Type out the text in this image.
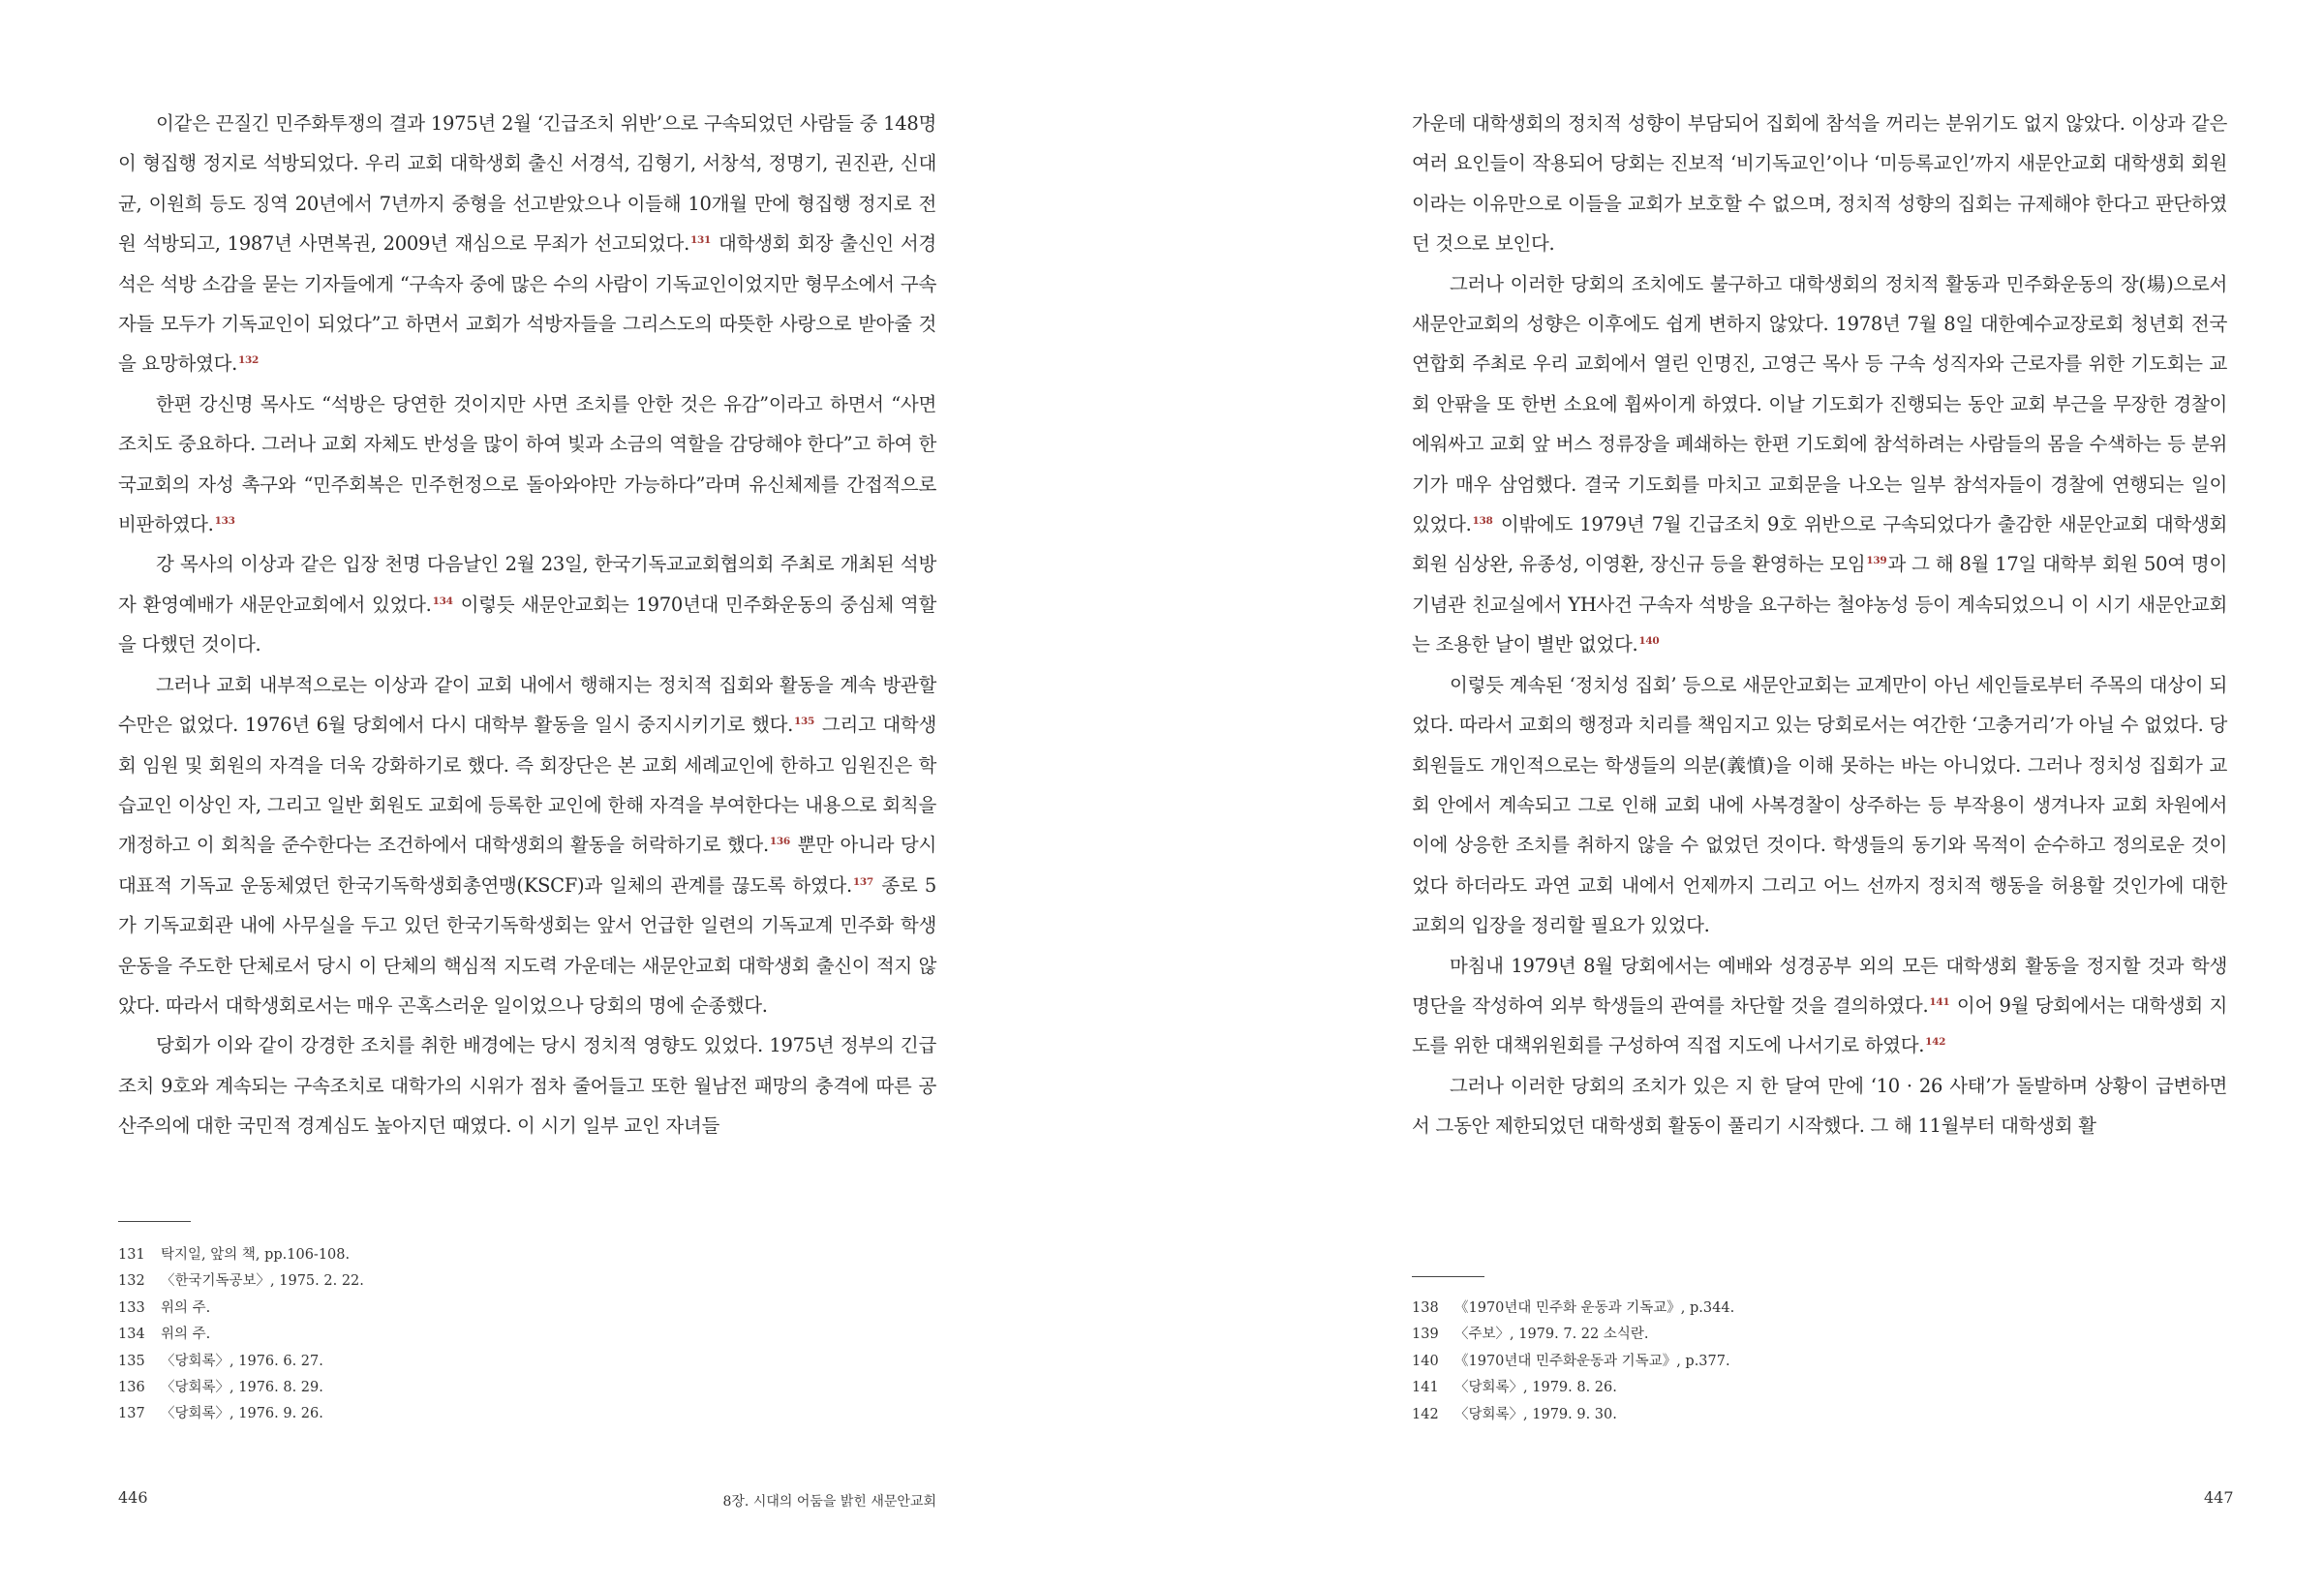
이같은 끈질긴 민주화투쟁의 결과 1975년 2월 ‘긴급조치 위반’으로 구속되었던 사람들 중 148명이 형집행 정지로 석방되었다. 우리 교회 대학생회 출신 서경석, 김형기, 서창석, 정명기, 권진관, 신대균, 이원희 등도 징역 20년에서 7년까지 중형을 선고받았으나 이들해 10개월 만에 형집행 정지로 전원 석방되고, 1987년 사면복권, 2009년 재심으로 무죄가 선고되었다.$^{131}$ 대학생회 회장 출신인 서경석은 석방 소감을 묻는 기자들에게 “구속자 중에 많은 수의 사람이 기독교인이었지만 형무소에서 구속자들 모두가 기독교인이 되었다”고 하면서 교회가 석방자들을 그리스도의 따뜻한 사랑으로 받아줄 것을 요망하였다.$^{132}$

한편 강신명 목사도 “석방은 당연한 것이지만 사면 조치를 안한 것은 유감”이라고 하면서 “사면 조치도 중요하다. 그러나 교회 자체도 반성을 많이 하여 빛과 소금의 역할을 감당해야 한다”고 하여 한국교회의 자성 촉구와 “민주회복은 민주헌정으로 돌아와야만 가능하다”라며 유신체제를 간접적으로 비판하였다.$^{133}$

강 목사의 이상과 같은 입장 천명 다음날인 2월 23일, 한국기독교교회협의회 주최로 개최된 석방자 환영예배가 새문안교회에서 있었다.$^{134}$ 이렇듯 새문안교회는 1970년대 민주화운동의 중심체 역할을 다했던 것이다.

그러나 교회 내부적으로는 이상과 같이 교회 내에서 행해지는 정치적 집회와 활동을 계속 방관할 수만은 없었다. 1976년 6월 당회에서 다시 대학부 활동을 일시 중지시키기로 했다.$^{135}$ 그리고 대학생회 임원 및 회원의 자격을 더욱 강화하기로 했다. 즉 회장단은 본 교회 세례교인에 한하고 임원진은 학습교인 이상인 자, 그리고 일반 회원도 교회에 등록한 교인에 한해 자격을 부여한다는 내용으로 회칙을 개정하고 이 회칙을 준수한다는 조건하에서 대학생회의 활동을 허락하기로 했다.$^{136}$ 뿐만 아니라 당시 대표적 기독교 운동체였던 한국기독학생회총연맹(KSCF)과 일체의 관계를 끊도록 하였다.$^{137}$ 종로 5가 기독교회관 내에 사무실을 두고 있던 한국기독학생회는 앞서 언급한 일련의 기독교계 민주화 학생운동을 주도한 단체로서 당시 이 단체의 핵심적 지도력 가운데는 새문안교회 대학생회 출신이 적지 않았다. 따라서 대학생회로서는 매우 곤혹스러운 일이었으나 당회의 명에 순종했다.

당회가 이와 같이 강경한 조치를 취한 배경에는 당시 정치적 영향도 있었다. 1975년 정부의 긴급조치 9호와 계속되는 구속조치로 대학가의 시위가 점차 줄어들고 또한 월남전 패망의 충격에 따른 공산주의에 대한 국민적 경계심도 높아지던 때였다. 이 시기 일부 교인 자녀들

131 탁지일, 앞의 책, pp.106-108.
132 〈한국기독공보〉, 1975. 2. 22.
133 위의 주.
134 위의 주.
135 〈당회록〉, 1976. 6. 27.
136 〈당회록〉, 1976. 8. 29.
137 〈당회록〉, 1976. 9. 26.
446	8장. 시대의 어둠을 밝힌 새문안교회

가운데 대학생회의 정치적 성향이 부담되어 집회에 참석을 꺼리는 분위기도 없지 않았다. 이상과 같은 여러 요인들이 작용되어 당회는 진보적 ‘비기독교인’이나 ‘미등록교인’까지 새문안교회 대학생회 회원이라는 이유만으로 이들을 교회가 보호할 수 없으며, 정치적 성향의 집회는 규제해야 한다고 판단하였던 것으로 보인다.

그러나 이러한 당회의 조치에도 불구하고 대학생회의 정치적 활동과 민주화운동의 장(場)으로서 새문안교회의 성향은 이후에도 쉽게 변하지 않았다. 1978년 7월 8일 대한예수교장로회 청년회 전국연합회 주최로 우리 교회에서 열린 인명진, 고영근 목사 등 구속 성직자와 근로자를 위한 기도회는 교회 안팎을 또 한번 소요에 휩싸이게 하였다. 이날 기도회가 진행되는 동안 교회 부근을 무장한 경찰이 에워싸고 교회 앞 버스 정류장을 폐쇄하는 한편 기도회에 참석하려는 사람들의 몸을 수색하는 등 분위기가 매우 삼엄했다. 결국 기도회를 마치고 교회문을 나오는 일부 참석자들이 경찰에 연행되는 일이 있었다.$^{138}$ 이밖에도 1979년 7월 긴급조치 9호 위반으로 구속되었다가 출감한 새문안교회 대학생회 회원 심상완, 유종성, 이영환, 장신규 등을 환영하는 모임$^{139}$과 그 해 8월 17일 대학부 회원 50여 명이 기념관 친교실에서 YH사건 구속자 석방을 요구하는 철야농성 등이 계속되었으니 이 시기 새문안교회는 조용한 날이 별반 없었다.$^{140}$

이렇듯 계속된 ‘정치성 집회’ 등으로 새문안교회는 교계만이 아닌 세인들로부터 주목의 대상이 되었다. 따라서 교회의 행정과 치리를 책임지고 있는 당회로서는 여간한 ‘고충거리’가 아닐 수 없었다. 당회원들도 개인적으로는 학생들의 의분(義憤)을 이해 못하는 바는 아니었다. 그러나 정치성 집회가 교회 안에서 계속되고 그로 인해 교회 내에 사복경찰이 상주하는 등 부작용이 생겨나자 교회 차원에서 이에 상응한 조치를 취하지 않을 수 없었던 것이다. 학생들의 동기와 목적이 순수하고 정의로운 것이었다 하더라도 과연 교회 내에서 언제까지 그리고 어느 선까지 정치적 행동을 허용할 것인가에 대한 교회의 입장을 정리할 필요가 있었다.

마침내 1979년 8월 당회에서는 예배와 성경공부 외의 모든 대학생회 활동을 정지할 것과 학생 명단을 작성하여 외부 학생들의 관여를 차단할 것을 결의하였다.$^{141}$ 이어 9월 당회에서는 대학생회 지도를 위한 대책위원회를 구성하여 직접 지도에 나서기로 하였다.$^{142}$

그러나 이러한 당회의 조치가 있은 지 한 달여 만에 ‘10 · 26 사태’가 돌발하며 상황이 급변하면서 그동안 제한되었던 대학생회 활동이 풀리기 시작했다. 그 해 11월부터 대학생회 활

138 《1970년대 민주화 운동과 기독교》, p.344.
139 〈주보〉, 1979. 7. 22 소식란.
140 《1970년대 민주화운동과 기독교》, p.377.
141 〈당회록〉, 1979. 8. 26.
142 〈당회록〉, 1979. 9. 30.
447
